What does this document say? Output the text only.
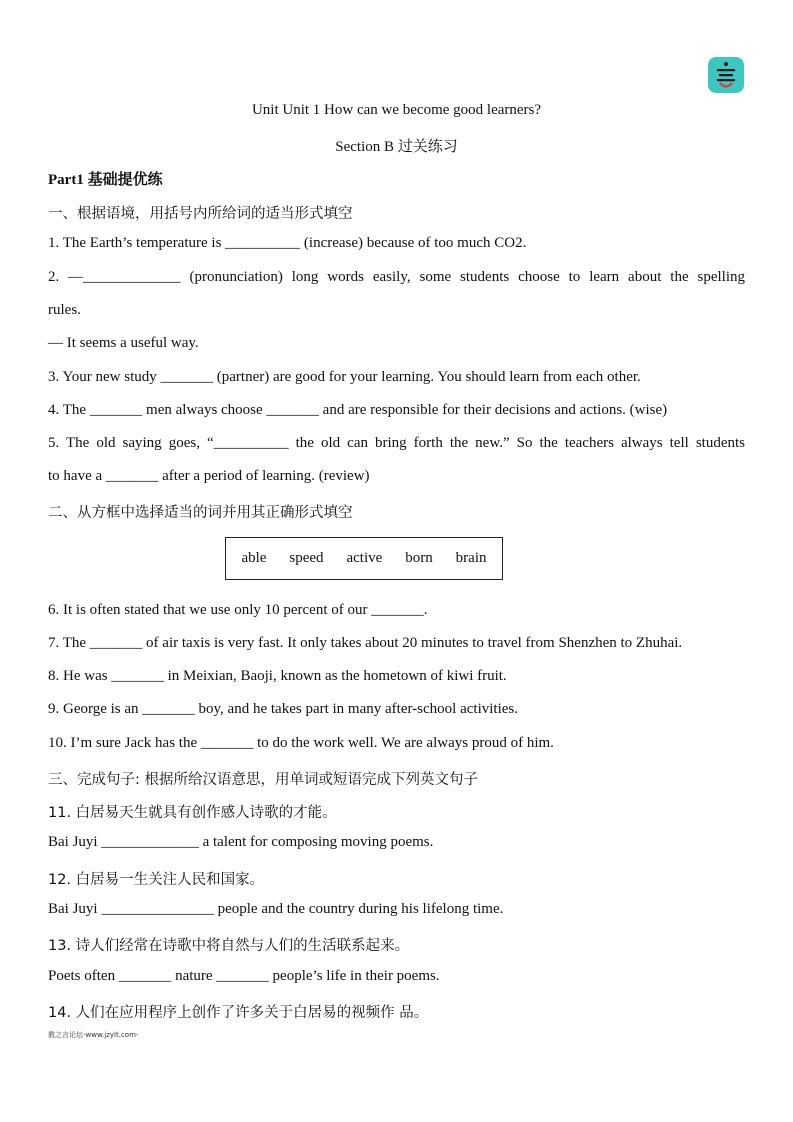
Unit Unit 1 How can we become good learners?
Section B 过关练习
Part1 基础提优练
一、根据语境，用括号内所给词的适当形式填空
1. The Earth’s temperature is __________ (increase) because of too much CO2.
2. —_____________ (pronunciation) long words easily, some students choose to learn about the spelling
rules.
— It seems a useful way.
3. Your new study _______ (partner) are good for your learning. You should learn from each other.
4. The _______ men always choose _______ and are responsible for their decisions and actions. (wise)
5. The old saying goes, “__________ the old can bring forth the new.” So the teachers always tell students
to have a _______ after a period of learning. (review)
二、从方框中选择适当的词并用其正确形式填空
able speed active born brain
6. It is often stated that we use only 10 percent of our _______.
7. The _______ of air taxis is very fast. It only takes about 20 minutes to travel from Shenzhen to Zhuhai.
8. He was _______ in Meixian, Baoji, known as the hometown of kiwi fruit.
9. George is an _______ boy, and he takes part in many after-school activities.
10. I’m sure Jack has the _______ to do the work well. We are always proud of him.
三、完成句子: 根据所给汉语意思，用单词或短语完成下列英文句子
11. 白居易天生就具有创作感人诗歌的才能。
Bai Juyi _____________ a talent for composing moving poems.
12. 白居易一生关注人民和国家。
Bai Juyi _______________ people and the country during his lifelong time.
13. 诗人们经常在诗歌中将自然与人们的生活联系起来。
Poets often _______ nature _______ people’s life in their poems.
14. 人们在应用程序上创作了许多关于白居易的视频作 品。
教之言论坛-www.jzylt.com-
